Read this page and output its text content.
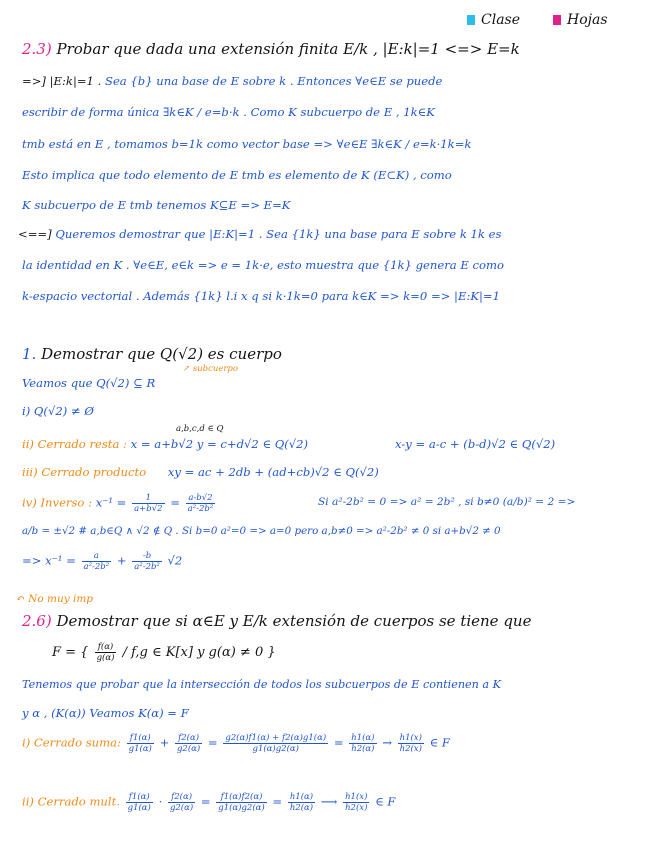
Clase	Hojas
2.3) Probar que dada una extensión finita E/k , |E:k|=1 <=> E=k
=>] |E:k|=1 . Sea {b} una base de E sobre k . Entonces ∀e∈E se puede
escribir de forma única ∃k∈K / e=b·k . Como K subcuerpo de E , 1k∈K
tmb está en E , tomamos b=1k como vector base => ∀e∈E ∃k∈K / e=k·1k=k
Esto implica que todo elemento de E tmb es elemento de K (E⊂K) , como
K subcuerpo de E tmb tenemos K⊆E => E=K
<==] Queremos demostrar que |E:K|=1 . Sea {1k} una base para E sobre k 1k es
la identidad en K . ∀e∈E, e∈k => e = 1k·e, esto muestra que {1k} genera E como
k-espacio vectorial . Además {1k} l.i x q si k·1k=0 para k∈K => k=0 => |E:K|=1
1. Demostrar que Q(√2) es cuerpo
↗ subcuerpo
Veamos que Q(√2) ⊆ R
i) Q(√2) ≠ Ø
a,b,c,d ∈ Q
ii) Cerrado resta : x = a+b√2 y = c+d√2 ∈ Q(√2)	x-y = a-c + (b-d)√2 ∈ Q(√2)
iii) Cerrado producto xy = ac + 2db + (ad+cb)√2 ∈ Q(√2)
iv) Inverso : $x^{-1} = \frac{1}{a+b√2} = \frac{a-b√2}{\text{a²-2b²}}$	Si a²-2b² = 0 => a² = 2b² , si b≠0 (a/b)² = 2 =>
a/b = ±√2 # a,b∈Q ∧ √2 ∉ Q . Si b=0 a²=0 => a=0 pero a,b≠0 => a²-2b² ≠ 0 si a+b√2 ≠ 0
=> $x^{-1} = \frac{a}{\text{a²-2b²}} + \frac{-b}{\text{a²-2b²}} √2$
↶ No muy imp
2.6) Demostrar que si α∈E y E/k extensión de cuerpos se tiene que
F = { $\frac{f(\alpha)}{g(\alpha)} / f,g$ ∈ K[x] y g(α) ≠ 0 }
Tenemos que probar que la intersección de todos los subcuerpos de E contienen a K
y α , (K(α)) Veamos K(α) = F
i) Cerrado suma: $\frac{f1(\alpha)}{g1(\alpha)} + \frac{f2(\alpha)}{g2(\alpha)} = \frac{g2(\alpha)f1(\alpha) + f2(\alpha)g1(\alpha)}{g1(\alpha)g2(\alpha)} = \frac{h1(\alpha)}{h2(\alpha)} \to \frac{h1(x)}{h2(x)}$ ∈ F
ii) Cerrado mult. $\frac{f1(\alpha)}{g1(\alpha)} \cdot \frac{f2(\alpha)}{g2(\alpha)} = \frac{f1(\alpha)f2(\alpha)}{g1(\alpha)g2(\alpha)} = \frac{h1(\alpha)}{h2(\alpha)}$ ⟶ $\frac{h1(x)}{h2(x)}$ ∈ F
